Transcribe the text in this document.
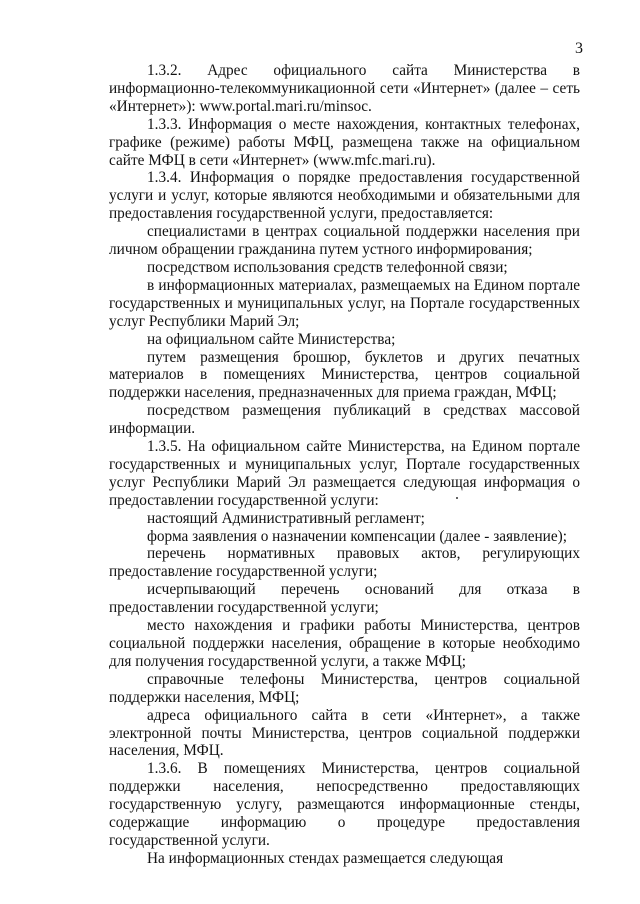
3

1.3.2. Адрес официального сайта Министерства в информационно-телекоммуникационной сети «Интернет» (далее – сеть «Интернет»): www.portal.mari.ru/minsoc.

1.3.3. Информация о месте нахождения, контактных телефонах, графике (режиме) работы МФЦ, размещена также на официальном сайте МФЦ в сети «Интернет» (www.mfc.mari.ru).

1.3.4. Информация о порядке предоставления государственной услуги и услуг, которые являются необходимыми и обязательными для предоставления государственной услуги, предоставляется:

специалистами в центрах социальной поддержки населения при личном обращении гражданина путем устного информирования;

посредством использования средств телефонной связи;

в информационных материалах, размещаемых на Едином портале государственных и муниципальных услуг, на Портале государственных услуг Республики Марий Эл;

на официальном сайте Министерства;

путем размещения брошюр, буклетов и других печатных материалов в помещениях Министерства, центров социальной поддержки населения, предназначенных для приема граждан, МФЦ;

посредством размещения публикаций в средствах массовой информации.

1.3.5. На официальном сайте Министерства, на Едином портале государственных и муниципальных услуг, Портале государственных услуг Республики Марий Эл размещается следующая информация о предоставлении государственной услуги:

настоящий Административный регламент;

форма заявления о назначении компенсации (далее - заявление);

перечень нормативных правовых актов, регулирующих предоставление государственной услуги;

исчерпывающий перечень оснований для отказа в предоставлении государственной услуги;

место нахождения и графики работы Министерства, центров социальной поддержки населения, обращение в которые необходимо для получения государственной услуги, а также МФЦ;

справочные телефоны Министерства, центров социальной поддержки населения, МФЦ;

адреса официального сайта в сети «Интернет», а также электронной почты Министерства, центров социальной поддержки населения, МФЦ.

1.3.6. В помещениях Министерства, центров социальной поддержки населения, непосредственно предоставляющих государственную услугу, размещаются информационные стенды, содержащие информацию о процедуре предоставления государственной услуги.

На информационных стендах размещается следующая
